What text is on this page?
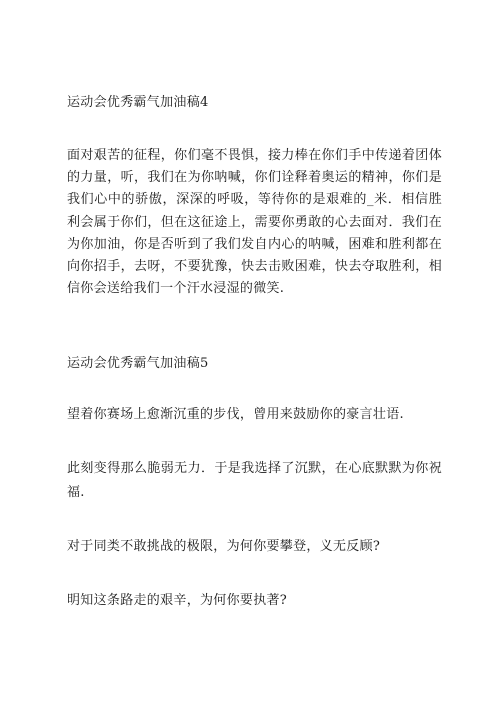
运动会优秀霸气加油稿4

面对艰苦的征程，你们毫不畏惧，接力棒在你们手中传递着团体的力量，听，我们在为你呐喊，你们诠释着奥运的精神，你们是我们心中的骄傲，深深的呼吸，等待你的是艰难的_米．相信胜利会属于你们，但在这征途上，需要你勇敢的心去面对．我们在为你加油，你是否听到了我们发自内心的呐喊，困难和胜利都在向你招手，去呀，不要犹豫，快去击败困难，快去夺取胜利，相信你会送给我们一个汗水浸湿的微笑.

运动会优秀霸气加油稿5

望着你赛场上愈渐沉重的步伐，曾用来鼓励你的豪言壮语.

此刻变得那么脆弱无力．于是我选择了沉默，在心底默默为你祝福.

对于同类不敢挑战的极限，为何你要攀登，义无反顾?

明知这条路走的艰辛，为何你要执著?
